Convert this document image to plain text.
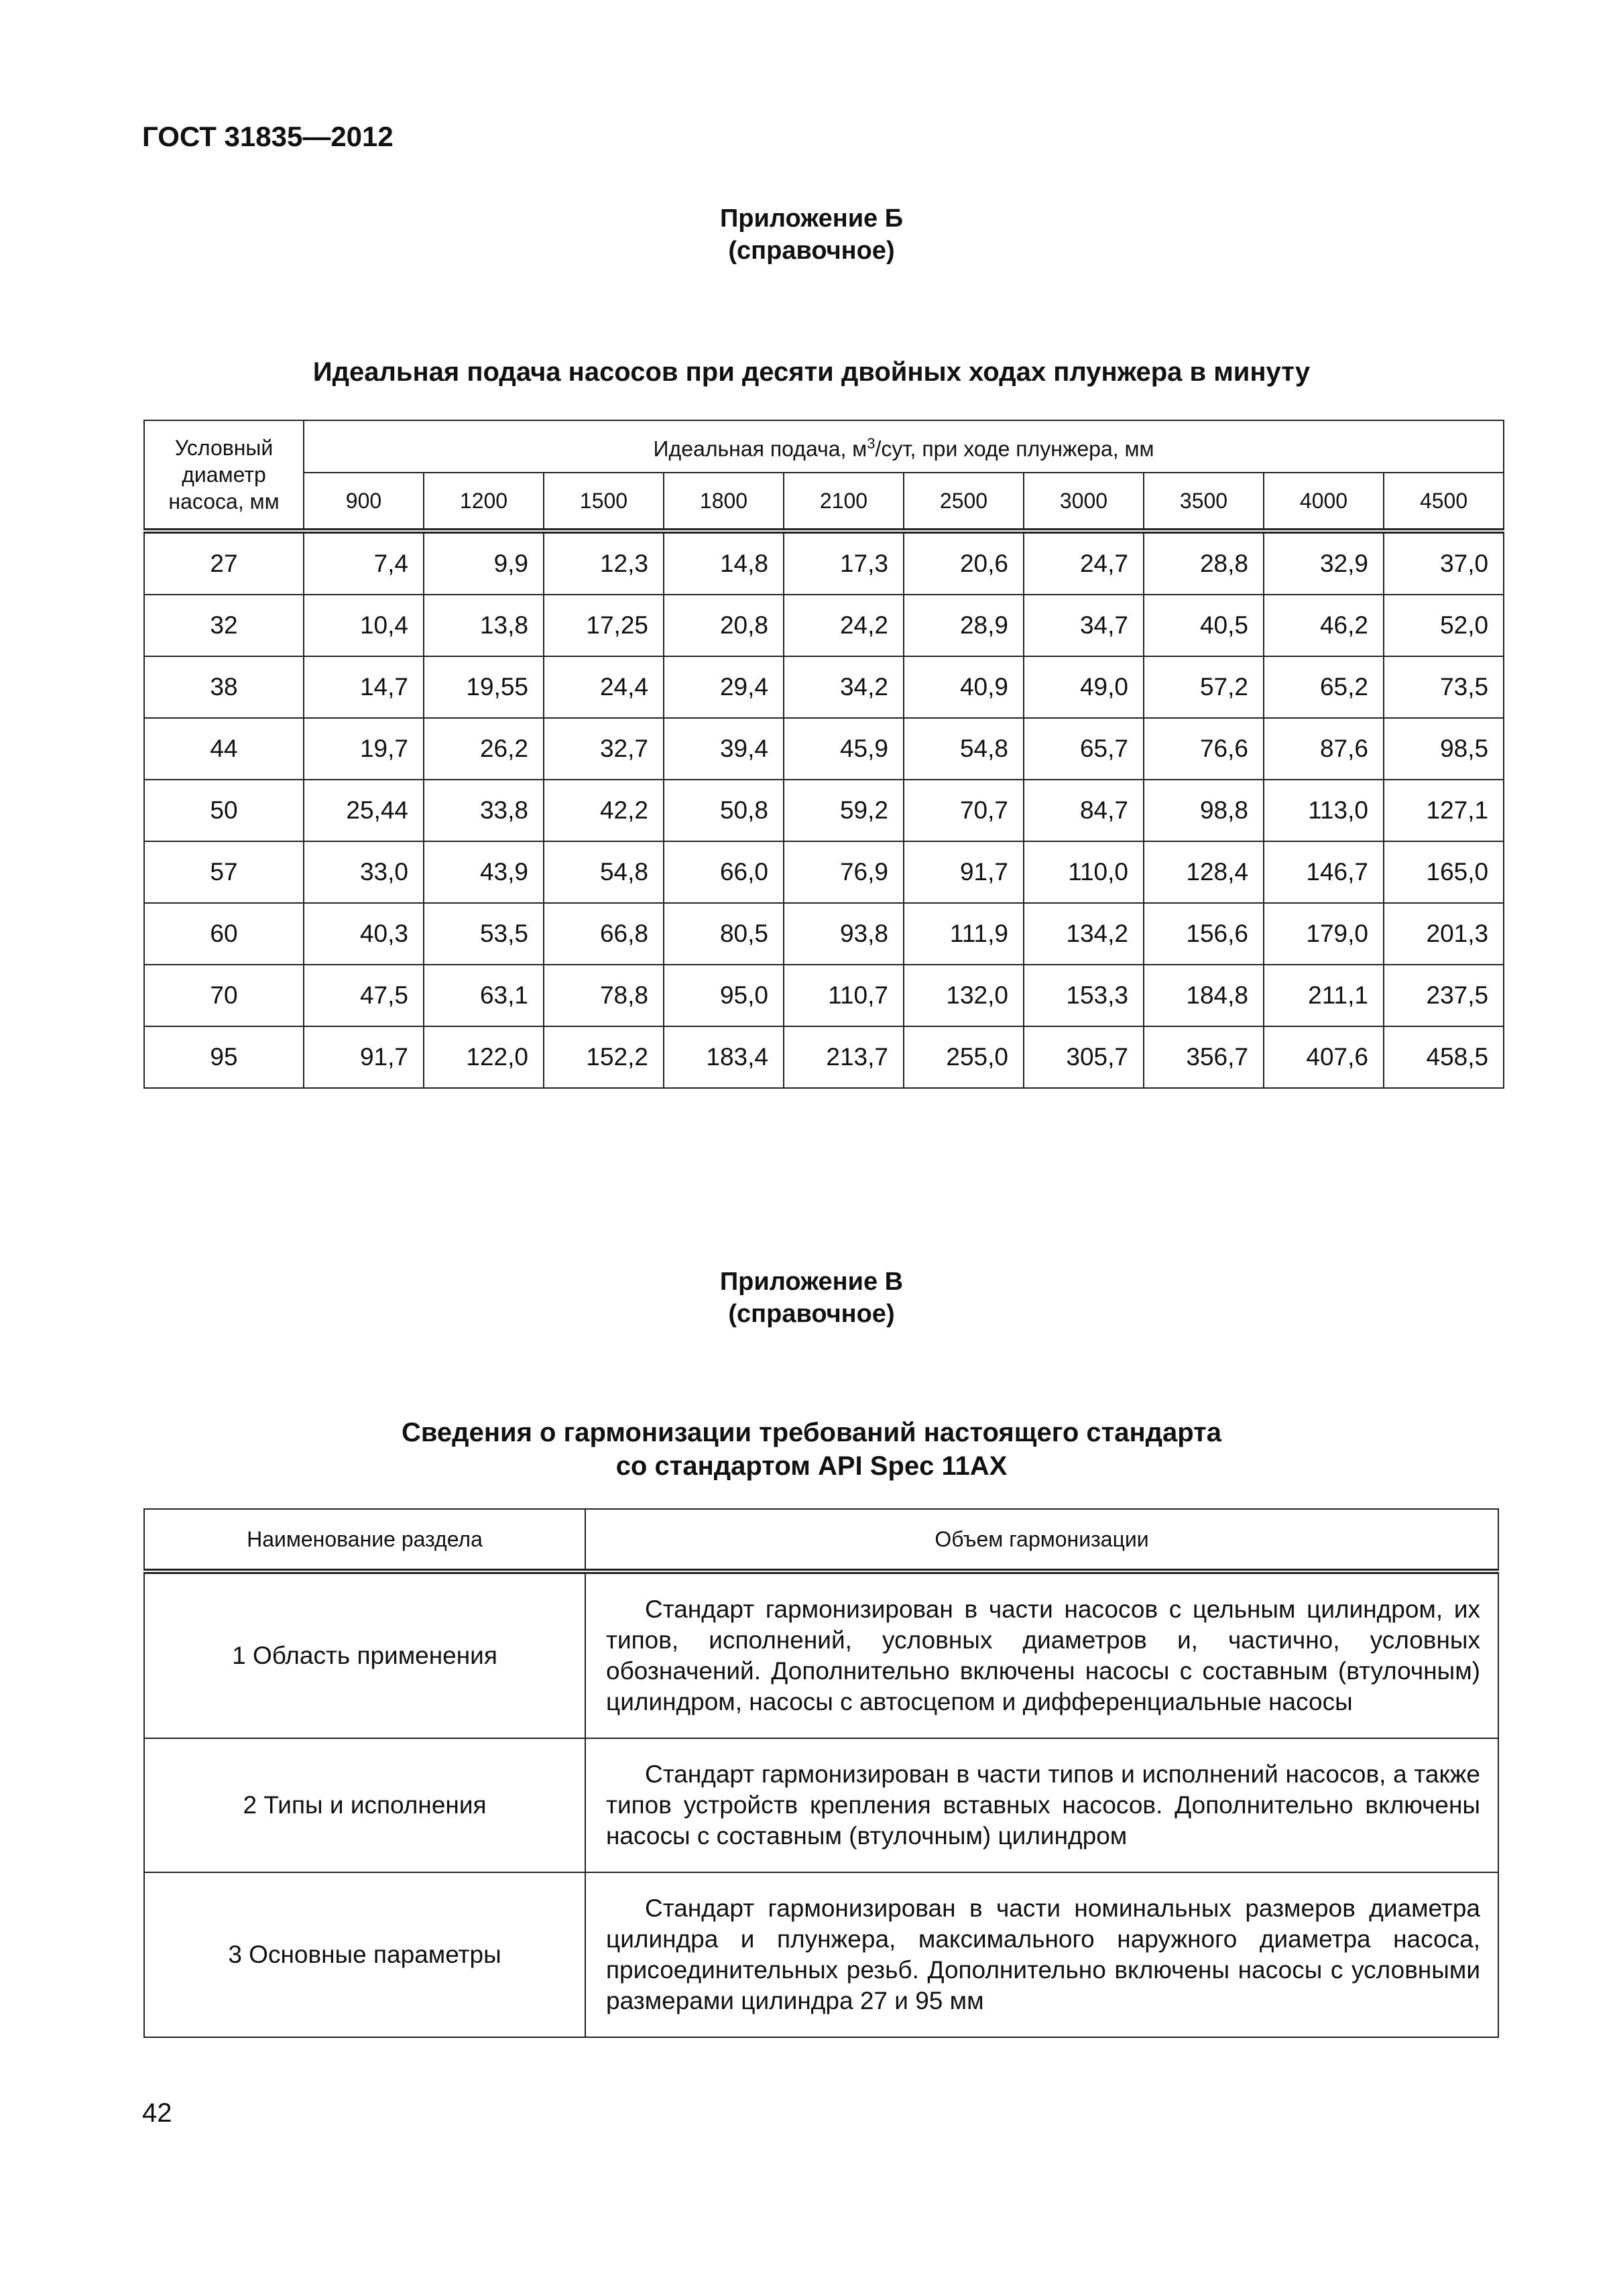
ГОСТ 31835—2012
Приложение Б
(справочное)
Идеальная подача насосов при десяти двойных ходах плунжера в минуту
Условный диаметр насоса, мм	Идеальная подача, $м^3$/сут, при ходе плунжера, мм									
	900	1200	1500	1800	2100	2500	3000	3500	4000	4500
27	7,4	9,9	12,3	14,8	17,3	20,6	24,7	28,8	32,9	37,0
32	10,4	13,8	17,25	20,8	24,2	28,9	34,7	40,5	46,2	52,0
38	14,7	19,55	24,4	29,4	34,2	40,9	49,0	57,2	65,2	73,5
44	19,7	26,2	32,7	39,4	45,9	54,8	65,7	76,6	87,6	98,5
50	25,44	33,8	42,2	50,8	59,2	70,7	84,7	98,8	113,0	127,1
57	33,0	43,9	54,8	66,0	76,9	91,7	110,0	128,4	146,7	165,0
60	40,3	53,5	66,8	80,5	93,8	111,9	134,2	156,6	179,0	201,3
70	47,5	63,1	78,8	95,0	110,7	132,0	153,3	184,8	211,1	237,5
95	91,7	122,0	152,2	183,4	213,7	255,0	305,7	356,7	407,6	458,5
Приложение В
(справочное)
Сведения о гармонизации требований настоящего стандарта
со стандартом API Spec 11AX
Наименование раздела	Объем гармонизации
1 Область применения	Стандарт гармонизирован в части насосов с цельным цилиндром, их типов, исполнений, условных диаметров и, частично, условных обозначений. Дополнительно включены насосы с составным (втулочным) цилиндром, насосы с автосцепом и дифференциальные насосы

2 Типы и исполнения	Стандарт гармонизирован в части типов и исполнений насосов, а также типов устройств крепления вставных насосов. Дополнительно включены насосы с составным (втулочным) цилиндром

3 Основные параметры	Стандарт гармонизирован в части номинальных размеров диаметра цилиндра и плунжера, максимального наружного диаметра насоса, присоединительных резьб. Дополнительно включены насосы с условными размерами цилиндра 27 и 95 мм
42
